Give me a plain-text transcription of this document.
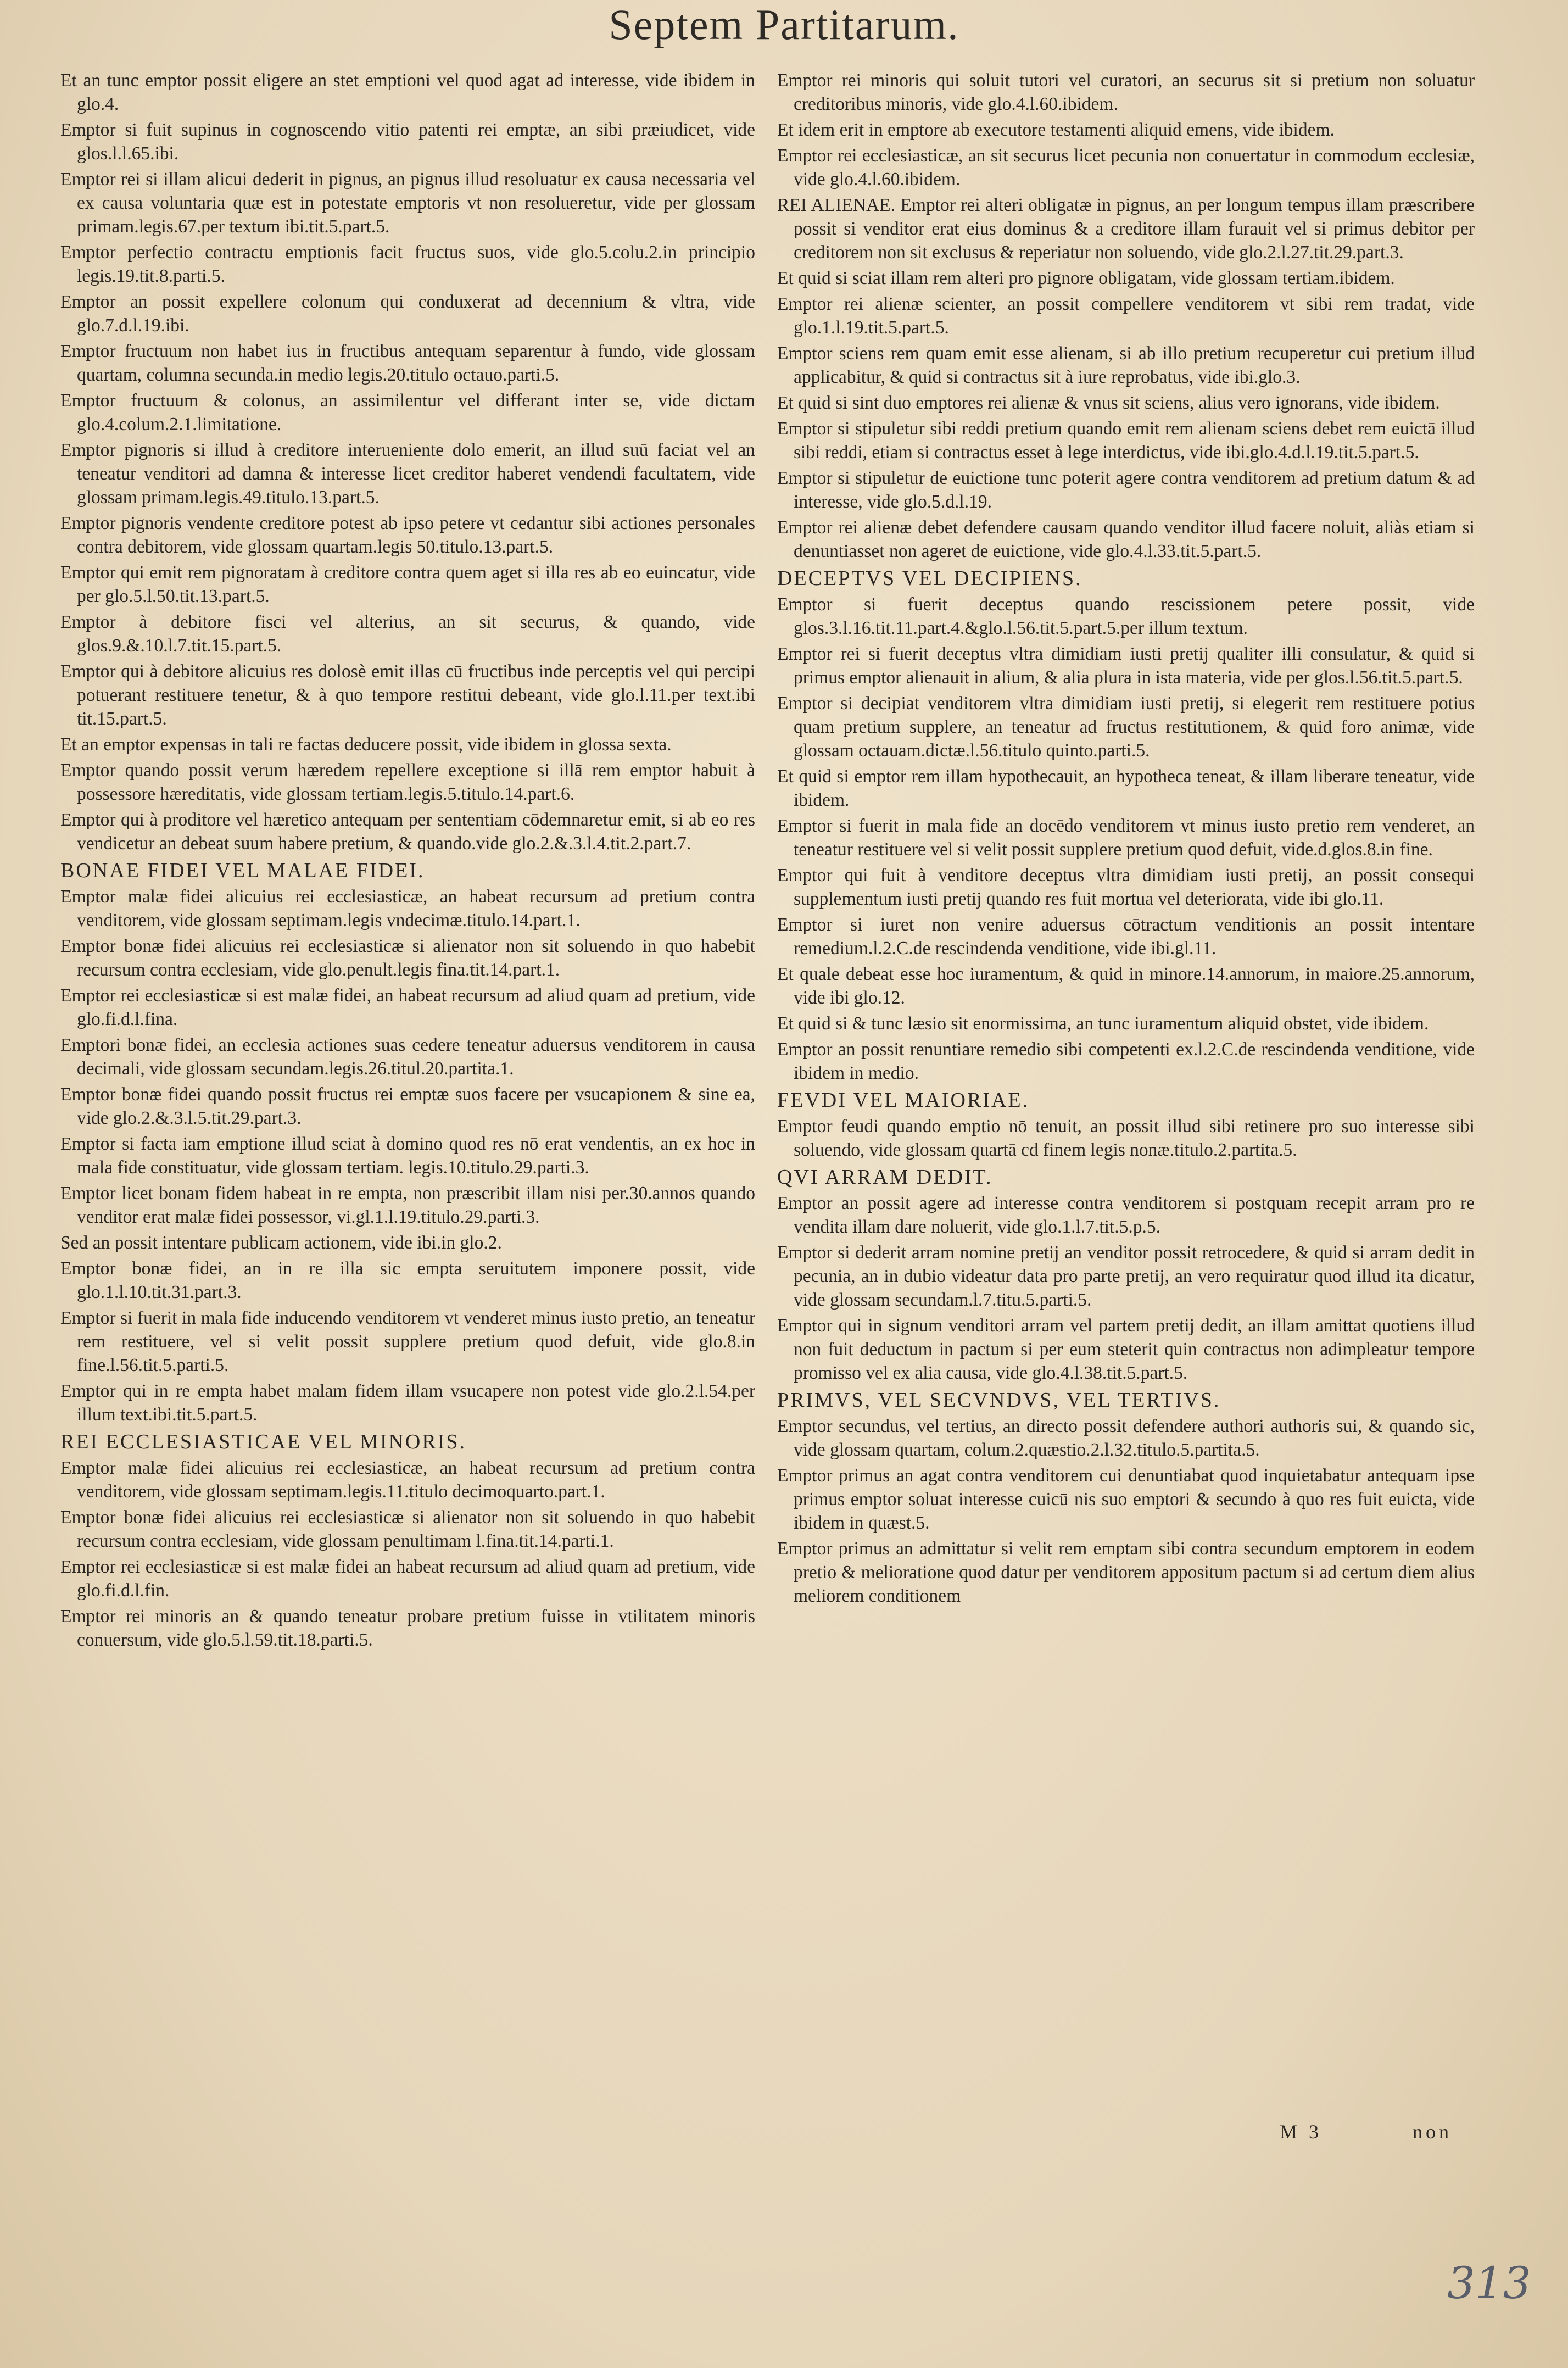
Septem Partitarum.

Et an tunc emptor possit eligere an stet emptioni vel quod agat ad interesse, vide ibidem in glo.4.

Emptor si fuit supinus in cognoscendo vitio patenti rei emptæ, an sibi præiudicet, vide glos.l.l.65.ibi.

Emptor rei si illam alicui dederit in pignus, an pignus illud resoluatur ex causa necessaria vel ex causa voluntaria quæ est in potestate emptoris vt non resolueretur, vide per glossam primam.legis.67.per textum ibi.tit.5.part.5.

Emptor perfectio contractu emptionis facit fructus suos, vide glo.5.colu.2.in principio legis.19.tit.8.parti.5.

Emptor an possit expellere colonum qui conduxerat ad decennium & vltra, vide glo.7.d.l.19.ibi.

Emptor fructuum non habet ius in fructibus antequam separentur à fundo, vide glossam quartam, columna secunda.in medio legis.20.titulo octauo.parti.5.

Emptor fructuum & colonus, an assimilentur vel differant inter se, vide dictam glo.4.colum.2.1.limitatione.

Emptor pignoris si illud à creditore interueniente dolo emerit, an illud suū faciat vel an teneatur venditori ad damna & interesse licet creditor haberet vendendi facultatem, vide glossam primam.legis.49.titulo.13.part.5.

Emptor pignoris vendente creditore potest ab ipso petere vt cedantur sibi actiones personales contra debitorem, vide glossam quartam.legis 50.titulo.13.part.5.

Emptor qui emit rem pignoratam à creditore contra quem aget si illa res ab eo euincatur, vide per glo.5.l.50.tit.13.part.5.

Emptor à debitore fisci vel alterius, an sit securus, & quando, vide glos.9.&.10.l.7.tit.15.part.5.

Emptor qui à debitore alicuius res dolosè emit illas cū fructibus inde perceptis vel qui percipi potuerant restituere tenetur, & à quo tempore restitui debeant, vide glo.l.11.per text.ibi tit.15.part.5.

Et an emptor expensas in tali re factas deducere possit, vide ibidem in glossa sexta.

Emptor quando possit verum hæredem repellere exceptione si illā rem emptor habuit à possessore hæreditatis, vide glossam tertiam.legis.5.titulo.14.part.6.

Emptor qui à proditore vel hæretico antequam per sententiam cōdemnaretur emit, si ab eo res vendicetur an debeat suum habere pretium, & quando.vide glo.2.&.3.l.4.tit.2.part.7.

BONAE FIDEI VEL MALAE FIDEI.

Emptor malæ fidei alicuius rei ecclesiasticæ, an habeat recursum ad pretium contra venditorem, vide glossam septimam.legis vndecimæ.titulo.14.part.1.

Emptor bonæ fidei alicuius rei ecclesiasticæ si alienator non sit soluendo in quo habebit recursum contra ecclesiam, vide glo.penult.legis fina.tit.14.part.1.

Emptor rei ecclesiasticæ si est malæ fidei, an habeat recursum ad aliud quam ad pretium, vide glo.fi.d.l.fina.

Emptori bonæ fidei, an ecclesia actiones suas cedere teneatur aduersus venditorem in causa decimali, vide glossam secundam.legis.26.titul.20.partita.1.

Emptor bonæ fidei quando possit fructus rei emptæ suos facere per vsucapionem & sine ea, vide glo.2.&.3.l.5.tit.29.part.3.

Emptor si facta iam emptione illud sciat à domino quod res nō erat vendentis, an ex hoc in mala fide constituatur, vide glossam tertiam. legis.10.titulo.29.parti.3.

Emptor licet bonam fidem habeat in re empta, non præscribit illam nisi per.30.annos quando venditor erat malæ fidei possessor, vi.gl.1.l.19.titulo.29.parti.3.

Sed an possit intentare publicam actionem, vide ibi.in glo.2.

Emptor bonæ fidei, an in re illa sic empta seruitutem imponere possit, vide glo.1.l.10.tit.31.part.3.

Emptor si fuerit in mala fide inducendo venditorem vt venderet minus iusto pretio, an teneatur rem restituere, vel si velit possit supplere pretium quod defuit, vide glo.8.in fine.l.56.tit.5.parti.5.

Emptor qui in re empta habet malam fidem illam vsucapere non potest vide glo.2.l.54.per illum text.ibi.tit.5.part.5.

REI ECCLESIASTICAE VEL MINORIS.

Emptor malæ fidei alicuius rei ecclesiasticæ, an habeat recursum ad pretium contra venditorem, vide glossam septimam.legis.11.titulo decimoquarto.part.1.

Emptor bonæ fidei alicuius rei ecclesiasticæ si alienator non sit soluendo in quo habebit recursum contra ecclesiam, vide glossam penultimam l.fina.tit.14.parti.1.

Emptor rei ecclesiasticæ si est malæ fidei an habeat recursum ad aliud quam ad pretium, vide glo.fi.d.l.fin.

Emptor rei minoris an & quando teneatur probare pretium fuisse in vtilitatem minoris conuersum, vide glo.5.l.59.tit.18.parti.5.

Emptor rei minoris qui soluit tutori vel curatori, an securus sit si pretium non soluatur creditoribus minoris, vide glo.4.l.60.ibidem.

Et idem erit in emptore ab executore testamenti aliquid emens, vide ibidem.

Emptor rei ecclesiasticæ, an sit securus licet pecunia non conuertatur in commodum ecclesiæ, vide glo.4.l.60.ibidem.

REI ALIENAE. Emptor rei alteri obligatæ in pignus, an per longum tempus illam præscribere possit si venditor erat eius dominus & a creditore illam furauit vel si primus debitor per creditorem non sit exclusus & reperiatur non soluendo, vide glo.2.l.27.tit.29.part.3.

Et quid si sciat illam rem alteri pro pignore obligatam, vide glossam tertiam.ibidem.

Emptor rei alienæ scienter, an possit compellere venditorem vt sibi rem tradat, vide glo.1.l.19.tit.5.part.5.

Emptor sciens rem quam emit esse alienam, si ab illo pretium recuperetur cui pretium illud applicabitur, & quid si contractus sit à iure reprobatus, vide ibi.glo.3.

Et quid si sint duo emptores rei alienæ & vnus sit sciens, alius vero ignorans, vide ibidem.

Emptor si stipuletur sibi reddi pretium quando emit rem alienam sciens debet rem euictā illud sibi reddi, etiam si contractus esset à lege interdictus, vide ibi.glo.4.d.l.19.tit.5.part.5.

Emptor si stipuletur de euictione tunc poterit agere contra venditorem ad pretium datum & ad interesse, vide glo.5.d.l.19.

Emptor rei alienæ debet defendere causam quando venditor illud facere noluit, aliàs etiam si denuntiasset non ageret de euictione, vide glo.4.l.33.tit.5.part.5.

DECEPTVS VEL DECIPIENS.

Emptor si fuerit deceptus quando rescissionem petere possit, vide glos.3.l.16.tit.11.part.4.&glo.l.56.tit.5.part.5.per illum textum.

Emptor rei si fuerit deceptus vltra dimidiam iusti pretij qualiter illi consulatur, & quid si primus emptor alienauit in alium, & alia plura in ista materia, vide per glos.l.56.tit.5.part.5.

Emptor si decipiat venditorem vltra dimidiam iusti pretij, si elegerit rem restituere potius quam pretium supplere, an teneatur ad fructus restitutionem, & quid foro animæ, vide glossam octauam.dictæ.l.56.titulo quinto.parti.5.

Et quid si emptor rem illam hypothecauit, an hypotheca teneat, & illam liberare teneatur, vide ibidem.

Emptor si fuerit in mala fide an docēdo venditorem vt minus iusto pretio rem venderet, an teneatur restituere vel si velit possit supplere pretium quod defuit, vide.d.glos.8.in fine.

Emptor qui fuit à venditore deceptus vltra dimidiam iusti pretij, an possit consequi supplementum iusti pretij quando res fuit mortua vel deteriorata, vide ibi glo.11.

Emptor si iuret non venire aduersus cōtractum venditionis an possit intentare remedium.l.2.C.de rescindenda venditione, vide ibi.gl.11.

Et quale debeat esse hoc iuramentum, & quid in minore.14.annorum, in maiore.25.annorum, vide ibi glo.12.

Et quid si & tunc læsio sit enormissima, an tunc iuramentum aliquid obstet, vide ibidem.

Emptor an possit renuntiare remedio sibi competenti ex.l.2.C.de rescindenda venditione, vide ibidem in medio.

FEVDI VEL MAIORIAE.

Emptor feudi quando emptio nō tenuit, an possit illud sibi retinere pro suo interesse sibi soluendo, vide glossam quartā cd finem legis nonæ.titulo.2.partita.5.

QVI ARRAM DEDIT.

Emptor an possit agere ad interesse contra venditorem si postquam recepit arram pro re vendita illam dare noluerit, vide glo.1.l.7.tit.5.p.5.

Emptor si dederit arram nomine pretij an venditor possit retrocedere, & quid si arram dedit in pecunia, an in dubio videatur data pro parte pretij, an vero requiratur quod illud ita dicatur, vide glossam secundam.l.7.titu.5.parti.5.

Emptor qui in signum venditori arram vel partem pretij dedit, an illam amittat quotiens illud non fuit deductum in pactum si per eum steterit quin contractus non adimpleatur tempore promisso vel ex alia causa, vide glo.4.l.38.tit.5.part.5.

PRIMVS, VEL SECVNDVS, VEL TERTIVS.

Emptor secundus, vel tertius, an directo possit defendere authori authoris sui, & quando sic, vide glossam quartam, colum.2.quæstio.2.l.32.titulo.5.partita.5.

Emptor primus an agat contra venditorem cui denuntiabat quod inquietabatur antequam ipse primus emptor soluat interesse cuicū nis suo emptori & secundo à quo res fuit euicta, vide ibidem in quæst.5.

Emptor primus an admittatur si velit rem emptam sibi contra secundum emptorem in eodem pretio & melioratione quod datur per venditorem appositum pactum si ad certum diem alius meliorem conditionem

M 3	non
313
